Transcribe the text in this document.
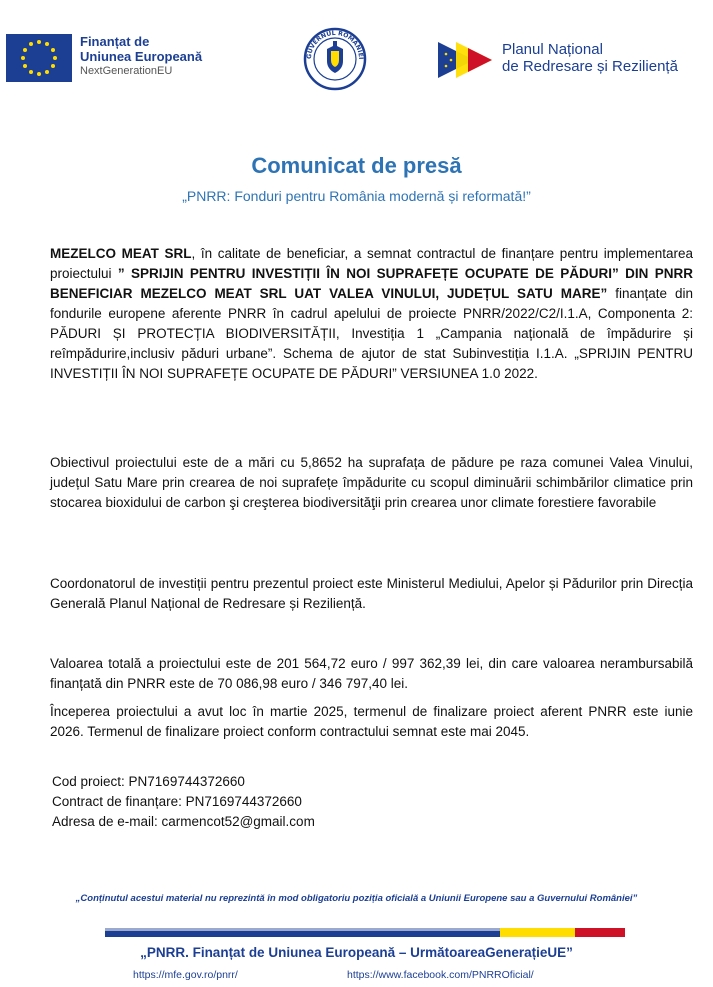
Finanțat de
Uniunea Europeană
NextGenerationEU
GUVERNUL ROMÂNIEI
Planul Național
de Redresare și Reziliență
Comunicat de presă
„PNRR: Fonduri pentru România modernă și reformată!”
MEZELCO MEAT SRL, în calitate de beneficiar, a semnat contractul de finanțare pentru implementarea proiectului ” SPRIJIN PENTRU INVESTIȚII ÎN NOI SUPRAFEȚE OCUPATE DE PĂDURI” DIN PNRR BENEFICIAR MEZELCO MEAT SRL UAT VALEA VINULUI, JUDEȚUL SATU MARE” finanțate din fondurile europene aferente PNRR în cadrul apelului de proiecte PNRR/2022/C2/I.1.A, Componenta 2: PĂDURI ȘI PROTECȚIA BIODIVERSITĂȚII, Investiția 1 „Campania națională de împădurire și reîmpădurire,inclusiv păduri urbane”. Schema de ajutor de stat Subinvestiția I.1.A. „SPRIJIN PENTRU INVESTIȚII ÎN NOI SUPRAFEȚE OCUPATE DE PĂDURI” VERSIUNEA 1.0 2022.
Obiectivul proiectului este de a mări cu 5,8652 ha suprafața de pădure pe raza comunei Valea Vinului, județul Satu Mare prin crearea de noi suprafețe împădurite cu scopul diminuării schimbărilor climatice prin stocarea bioxidului de carbon şi creşterea biodiversităţii prin crearea unor climate forestiere favorabile
Coordonatorul de investiții pentru prezentul proiect este Ministerul Mediului, Apelor și Pădurilor prin Direcția Generală Planul Național de Redresare și Reziliență.
Valoarea totală a proiectului este de 201 564,72 euro / 997 362,39 lei, din care valoarea nerambursabilă finanțată din PNRR este de 70 086,98 euro / 346 797,40 lei.
Începerea proiectului a avut loc în martie 2025, termenul de finalizare proiect aferent PNRR este iunie 2026. Termenul de finalizare proiect conform contractului semnat este mai 2045.
Cod proiect: PN7169744372660
Contract de finanțare: PN7169744372660
Adresa de e-mail: carmencot52@gmail.com
„Conținutul acestui material nu reprezintă în mod obligatoriu poziția oficială a Uniunii Europene sau a Guvernului României”
„PNRR. Finanțat de Uniunea Europeană – UrmătoareaGenerațieUE”
https://mfe.gov.ro/pnrr/	https://www.facebook.com/PNRROficial/
